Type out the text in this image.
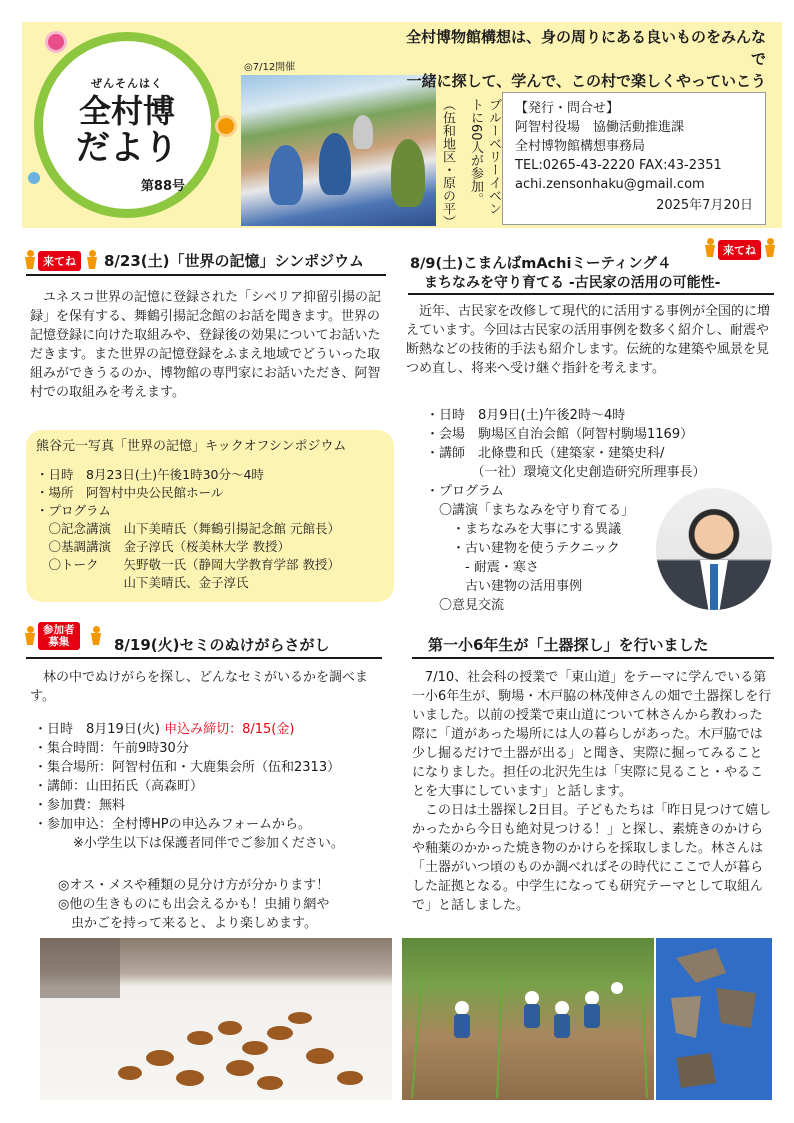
ぜんそんはく
全村博
だより
第88号
◎7/12開催
ブルーベリーイベン
トに60人が参加。
（伍和地区・原の平）
全村博物館構想は、身の周りにある良いものをみんなで
一緒に探して、学んで、この村で楽しくやっていこう
【発行・問合せ】
阿智村役場　協働活動推進課
全村博物館構想事務局
TEL:0265-43-2220 FAX:43-2351
achi.zensonhaku@gmail.com
2025年7月20日
来てね	8/23(土)「世界の記憶」シンポジウム

ユネスコ世界の記憶に登録された「シベリア抑留引揚の記録」を保有する、舞鶴引揚記念館のお話を聞きます。世界の記憶登録に向けた取組みや、登録後の効果についてお話いただきます。また世界の記憶登録をふまえ地域でどういった取組みができうるのか、博物館の専門家にお話いただき、阿智村での取組みを考えます。

熊谷元一写真「世界の記憶」キックオフシンポジウム
・日時　8月23日(土)午後1時30分～4時
・場所　阿智村中央公民館ホール
・プログラム
　〇記念講演　山下美晴氏（舞鶴引揚記念館 元館長）
　〇基調講演　金子淳氏（桜美林大学 教授）
　〇トーク　　矢野敬一氏（静岡大学教育学部 教授）
　　　　　　　山下美晴氏、金子淳氏
8/9(土)こまんばmAchiミーティング４
来てね
まちなみを守り育てる -古民家の活用の可能性-

近年、古民家を改修して現代的に活用する事例が全国的に増えています。今回は古民家の活用事例を数多く紹介し、耐震や断熱などの技術的手法も紹介します。伝統的な建築や風景を見つめ直し、将来へ受け継ぐ指針を考えます。

・日時　8月9日(土)午後2時～4時
・会場　駒場区自治会館（阿智村駒場1169）
・講師　北條豊和氏（建築家・建築史科/
　　　　（一社）環境文化史創造研究所理事長）
・プログラム
　〇講演「まちなみを守り育てる」
　　・まちなみを大事にする異議
　　・古い建物を使うテクニック
　　　- 耐震・寒さ
　　　古い建物の活用事例
　〇意見交流
参加者
募集	8/19(火)セミのぬけがらさがし

林の中でぬけがらを探し、どんなセミがいるかを調べます。

・日時　8月19日(火) 申込み締切：8/15(金)
・集合時間：午前9時30分
・集合場所：阿智村伍和・大鹿集会所（伍和2313）
・講師：山田拓氏（高森町）
・参加費：無料
・参加申込：全村博HPの申込みフォームから。
　　　※小学生以下は保護者同伴でご参加ください。
◎オス・メスや種類の見分け方が分かります！
◎他の生きものにも出会えるかも！虫捕り網や
　虫かごを持って来ると、より楽しめます。
第一小6年生が「土器探し」を行いました

7/10、社会科の授業で「東山道」をテーマに学んでいる第一小6年生が、駒場・木戸脇の林茂伸さんの畑で土器探しを行いました。以前の授業で東山道について林さんから教わった際に「道があった場所には人の暮らしがあった。木戸脇では少し掘るだけで土器が出る」と聞き、実際に掘ってみることになりました。担任の北沢先生は「実際に見ること・やることを大事にしています」と話します。

この日は土器探し2日目。子どもたちは「昨日見つけて嬉しかったから今日も絶対見つける！」と探し、素焼きのかけらや釉薬のかかった焼き物のかけらを採取しました。林さんは「土器がいつ頃のものか調べればその時代にここで人が暮らした証拠となる。中学生になっても研究テーマとして取組んで」と話しました。
